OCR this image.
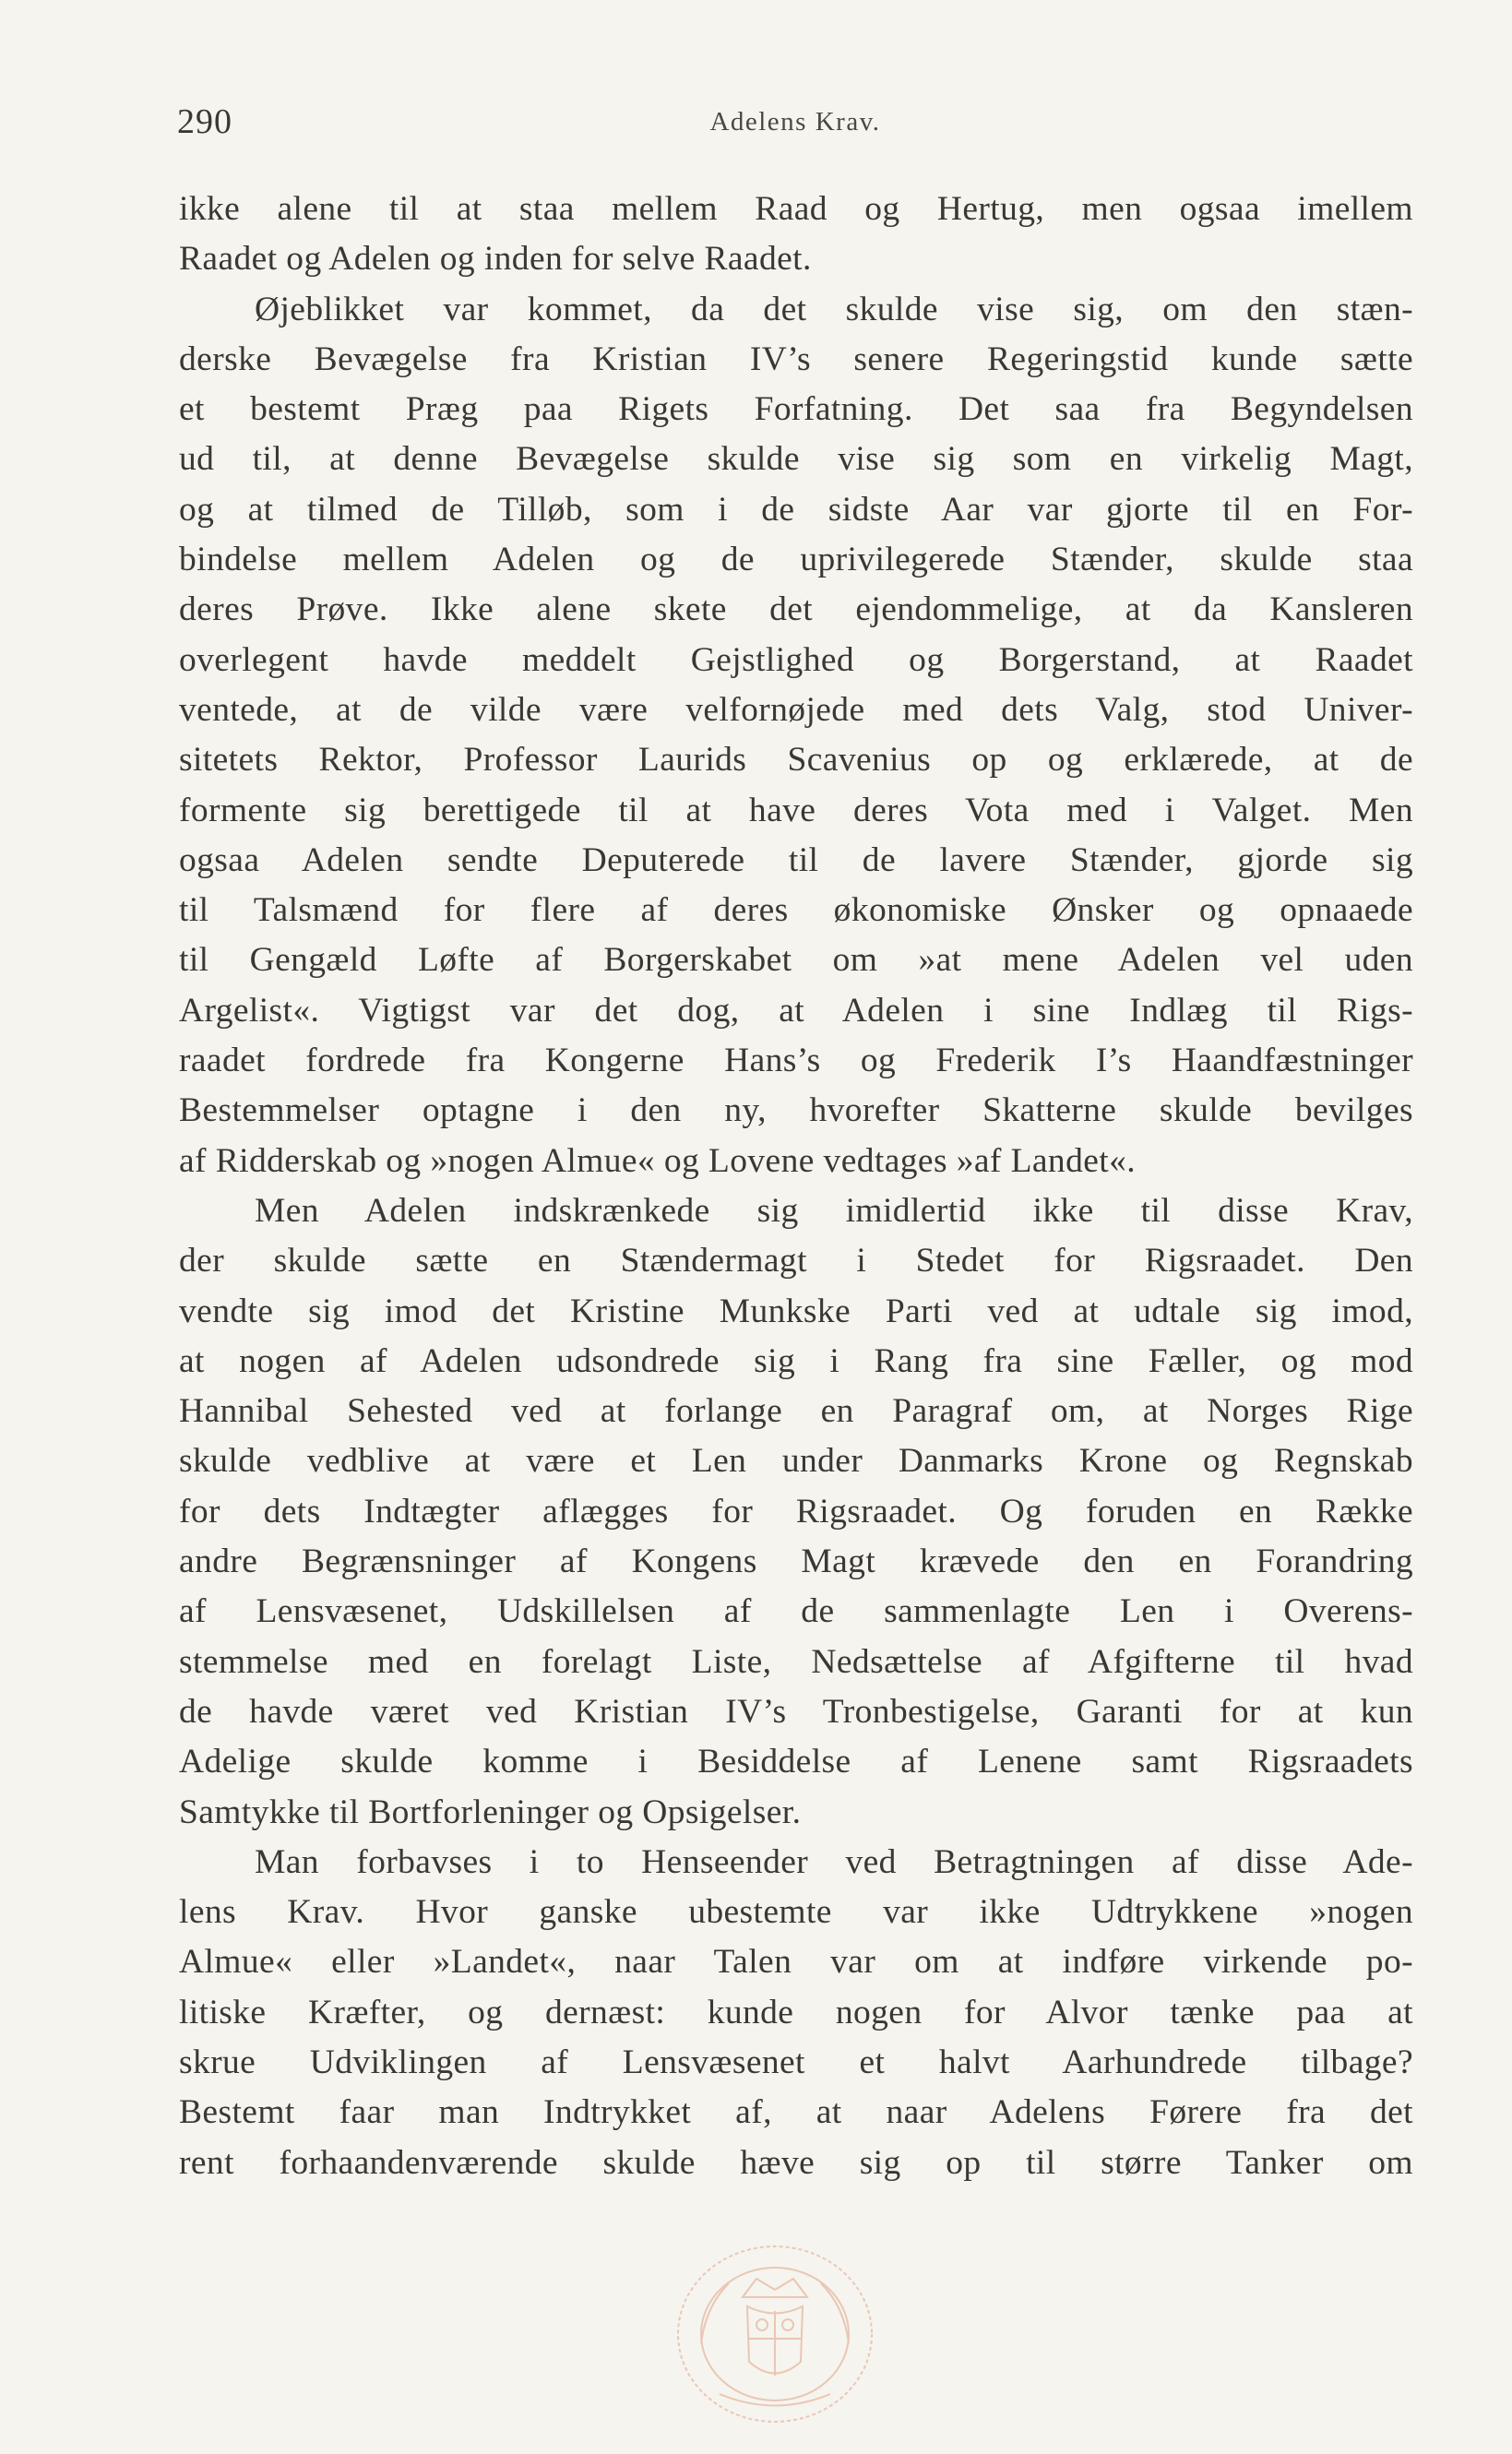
290	Adelens Krav.
ikke alene til at staa mellem Raad og Hertug, men ogsaa imellem
Raadet og Adelen og inden for selve Raadet.
Øjeblikket var kommet, da det skulde vise sig, om den stæn-
derske Bevægelse fra Kristian IV’s senere Regeringstid kunde sætte
et bestemt Præg paa Rigets Forfatning. Det saa fra Begyndelsen
ud til, at denne Bevægelse skulde vise sig som en virkelig Magt,
og at tilmed de Tilløb, som i de sidste Aar var gjorte til en For-
bindelse mellem Adelen og de uprivilegerede Stænder, skulde staa
deres Prøve. Ikke alene skete det ejendommelige, at da Kansleren
overlegent havde meddelt Gejstlighed og Borgerstand, at Raadet
ventede, at de vilde være velfornøjede med dets Valg, stod Univer-
sitetets Rektor, Professor Laurids Scavenius op og erklærede, at de
formente sig berettigede til at have deres Vota med i Valget. Men
ogsaa Adelen sendte Deputerede til de lavere Stænder, gjorde sig
til Talsmænd for flere af deres økonomiske Ønsker og opnaaede
til Gengæld Løfte af Borgerskabet om »at mene Adelen vel uden
Argelist«. Vigtigst var det dog, at Adelen i sine Indlæg til Rigs-
raadet fordrede fra Kongerne Hans’s og Frederik I’s Haandfæstninger
Bestemmelser optagne i den ny, hvorefter Skatterne skulde bevilges
af Ridderskab og »nogen Almue« og Lovene vedtages »af Landet«.
Men Adelen indskrænkede sig imidlertid ikke til disse Krav,
der skulde sætte en Stændermagt i Stedet for Rigsraadet. Den
vendte sig imod det Kristine Munkske Parti ved at udtale sig imod,
at nogen af Adelen udsondrede sig i Rang fra sine Fæller, og mod
Hannibal Sehested ved at forlange en Paragraf om, at Norges Rige
skulde vedblive at være et Len under Danmarks Krone og Regnskab
for dets Indtægter aflægges for Rigsraadet. Og foruden en Række
andre Begrænsninger af Kongens Magt krævede den en Forandring
af Lensvæsenet, Udskillelsen af de sammenlagte Len i Overens-
stemmelse med en forelagt Liste, Nedsættelse af Afgifterne til hvad
de havde været ved Kristian IV’s Tronbestigelse, Garanti for at kun
Adelige skulde komme i Besiddelse af Lenene samt Rigsraadets
Samtykke til Bortforleninger og Opsigelser.
Man forbavses i to Henseender ved Betragtningen af disse Ade-
lens Krav. Hvor ganske ubestemte var ikke Udtrykkene »nogen
Almue« eller »Landet«, naar Talen var om at indføre virkende po-
litiske Kræfter, og dernæst: kunde nogen for Alvor tænke paa at
skrue Udviklingen af Lensvæsenet et halvt Aarhundrede tilbage?
Bestemt faar man Indtrykket af, at naar Adelens Førere fra det
rent forhaandenværende skulde hæve sig op til større Tanker om
